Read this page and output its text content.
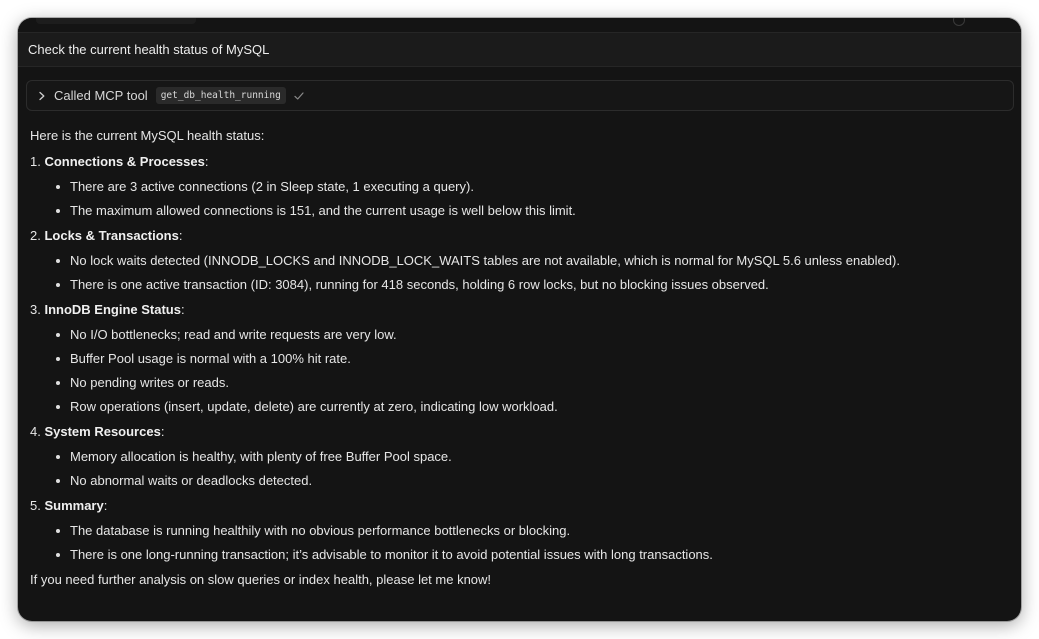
Check the current health status of MySQL
Called MCP tool	get_db_health_running

Here is the current MySQL health status:

1. Connections & Processes:

There are 3 active connections (2 in Sleep state, 1 executing a query).
The maximum allowed connections is 151, and the current usage is well below this limit.

2. Locks & Transactions:

No lock waits detected (INNODB_LOCKS and INNODB_LOCK_WAITS tables are not available, which is normal for MySQL 5.6 unless enabled).
There is one active transaction (ID: 3084), running for 418 seconds, holding 6 row locks, but no blocking issues observed.

3. InnoDB Engine Status:

No I/O bottlenecks; read and write requests are very low.
Buffer Pool usage is normal with a 100% hit rate.
No pending writes or reads.
Row operations (insert, update, delete) are currently at zero, indicating low workload.

4. System Resources:

Memory allocation is healthy, with plenty of free Buffer Pool space.
No abnormal waits or deadlocks detected.

5. Summary:

The database is running healthily with no obvious performance bottlenecks or blocking.
There is one long-running transaction; it’s advisable to monitor it to avoid potential issues with long transactions.

If you need further analysis on slow queries or index health, please let me know!
